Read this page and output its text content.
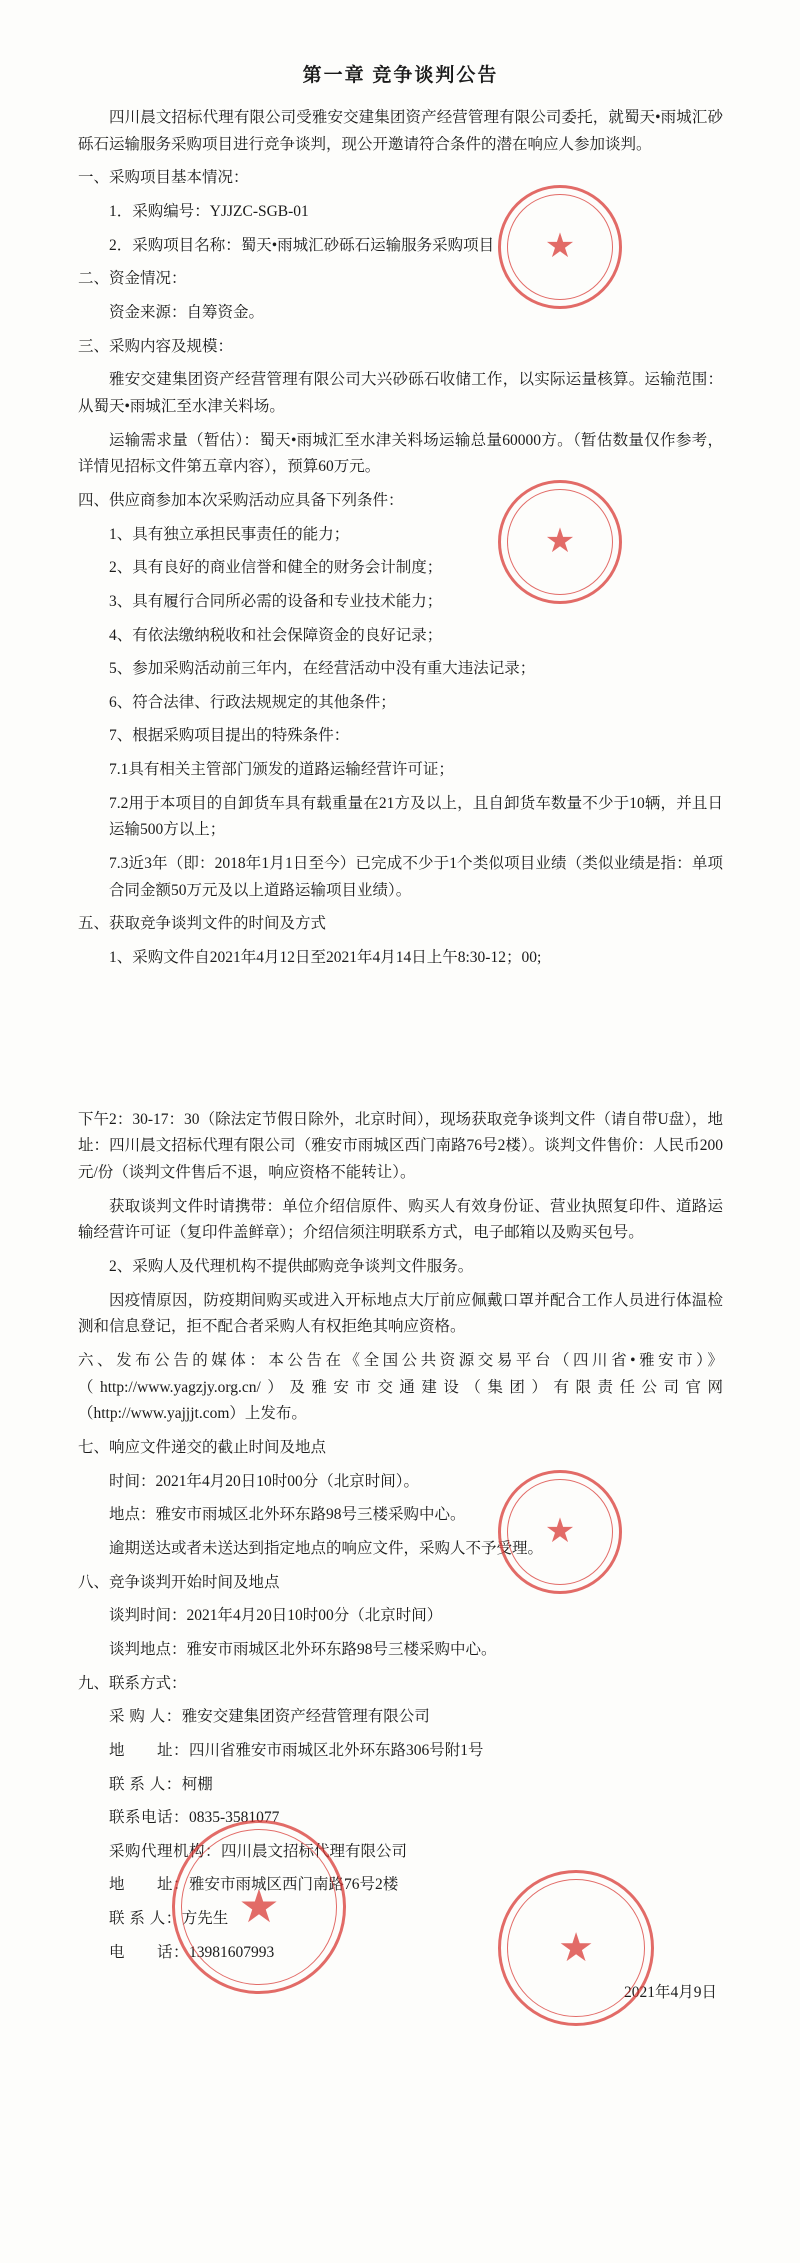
★
★
★
★
★
第一章 竞争谈判公告

四川晨文招标代理有限公司受雅安交建集团资产经营管理有限公司委托，就蜀天•雨城汇砂砾石运输服务采购项目进行竞争谈判，现公开邀请符合条件的潜在响应人参加谈判。

一、采购项目基本情况：

1．采购编号：YJJZC-SGB-01

2．采购项目名称：蜀天•雨城汇砂砾石运输服务采购项目

二、资金情况：

资金来源：自筹资金。

三、采购内容及规模：

雅安交建集团资产经营管理有限公司大兴砂砾石收储工作，以实际运量核算。运输范围：从蜀天•雨城汇至水津关料场。

运输需求量（暂估）：蜀天•雨城汇至水津关料场运输总量60000方。（暂估数量仅作参考，详情见招标文件第五章内容），预算60万元。

四、供应商参加本次采购活动应具备下列条件：

1、具有独立承担民事责任的能力；

2、具有良好的商业信誉和健全的财务会计制度；

3、具有履行合同所必需的设备和专业技术能力；

4、有依法缴纳税收和社会保障资金的良好记录；

5、参加采购活动前三年内，在经营活动中没有重大违法记录；

6、符合法律、行政法规规定的其他条件；

7、根据采购项目提出的特殊条件：

7.1具有相关主管部门颁发的道路运输经营许可证；

7.2用于本项目的自卸货车具有载重量在21方及以上，且自卸货车数量不少于10辆，并且日运输500方以上；

7.3近3年（即：2018年1月1日至今）已完成不少于1个类似项目业绩（类似业绩是指：单项合同金额50万元及以上道路运输项目业绩）。

五、获取竞争谈判文件的时间及方式

1、采购文件自2021年4月12日至2021年4月14日上午8:30-12；00;

下午2：30-17：30（除法定节假日除外，北京时间），现场获取竞争谈判文件（请自带U盘），地址：四川晨文招标代理有限公司（雅安市雨城区西门南路76号2楼）。谈判文件售价：人民币200元/份（谈判文件售后不退，响应资格不能转让）。

获取谈判文件时请携带：单位介绍信原件、购买人有效身份证、营业执照复印件、道路运输经营许可证（复印件盖鲜章）；介绍信须注明联系方式，电子邮箱以及购买包号。

2、采购人及代理机构不提供邮购竞争谈判文件服务。

因疫情原因，防疫期间购买或进入开标地点大厅前应佩戴口罩并配合工作人员进行体温检测和信息登记，拒不配合者采购人有权拒绝其响应资格。

六、发布公告的媒体：本公告在《全国公共资源交易平台（四川省•雅安市）》（http://www.yagzjy.org.cn/）及雅安市交通建设（集团）有限责任公司官网（http://www.yajjjt.com）上发布。

七、响应文件递交的截止时间及地点

时间：2021年4月20日10时00分（北京时间）。

地点：雅安市雨城区北外环东路98号三楼采购中心。

逾期送达或者未送达到指定地点的响应文件，采购人不予受理。

八、竞争谈判开始时间及地点

谈判时间：2021年4月20日10时00分（北京时间）

谈判地点：雅安市雨城区北外环东路98号三楼采购中心。

九、联系方式：

采 购 人：雅安交建集团资产经营管理有限公司

地　　址：四川省雅安市雨城区北外环东路306号附1号

联 系 人：柯棚

联系电话：0835-3581077

采购代理机构：四川晨文招标代理有限公司

地　　址：雅安市雨城区西门南路76号2楼

联 系 人：方先生

电　　话：13981607993

2021年4月9日
